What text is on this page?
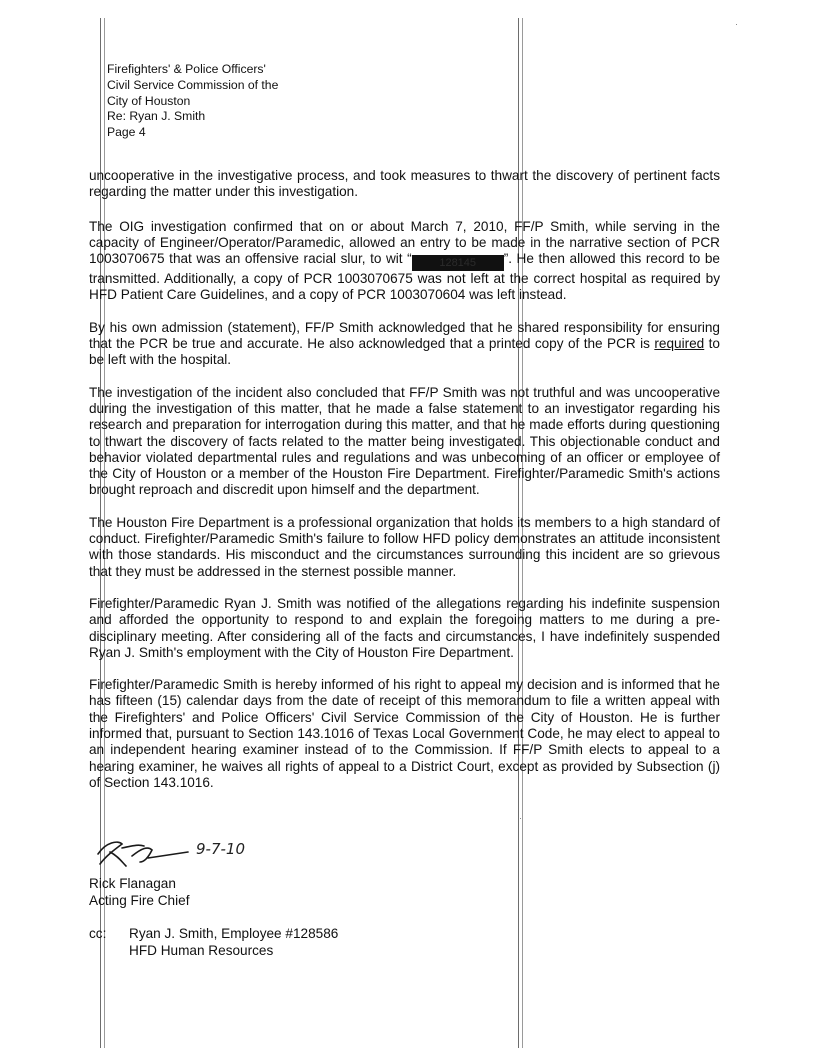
Firefighters' & Police Officers'
Civil Service Commission of the
City of Houston
Re: Ryan J. Smith
Page 4

uncooperative in the investigative process, and took measures to thwart the discovery of pertinent facts regarding the matter under this investigation.

The OIG investigation confirmed that on or about March 7, 2010, FF/P Smith, while serving in the capacity of Engineer/Operator/Paramedic, allowed an entry to be made in the narrative section of PCR 1003070675 that was an offensive racial slur, to wit “	128145 ”. He then allowed this record to be transmitted. Additionally, a copy of PCR 1003070675 was not left at the correct hospital as required by HFD Patient Care Guidelines, and a copy of PCR 1003070604 was left instead.

By his own admission (statement), FF/P Smith acknowledged that he shared responsibility for ensuring that the PCR be true and accurate. He also acknowledged that a printed copy of the PCR is required to be left with the hospital.

The investigation of the incident also concluded that FF/P Smith was not truthful and was uncooperative during the investigation of this matter, that he made a false statement to an investigator regarding his research and preparation for interrogation during this matter, and that he made efforts during questioning to thwart the discovery of facts related to the matter being investigated. This objectionable conduct and behavior violated departmental rules and regulations and was unbecoming of an officer or employee of the City of Houston or a member of the Houston Fire Department. Firefighter/Paramedic Smith's actions brought reproach and discredit upon himself and the department.

The Houston Fire Department is a professional organization that holds its members to a high standard of conduct. Firefighter/Paramedic Smith's failure to follow HFD policy demonstrates an attitude inconsistent with those standards. His misconduct and the circumstances surrounding this incident are so grievous that they must be addressed in the sternest possible manner.

Firefighter/Paramedic Ryan J. Smith was notified of the allegations regarding his indefinite suspension and afforded the opportunity to respond to and explain the foregoing matters to me during a pre-disciplinary meeting. After considering all of the facts and circumstances, I have indefinitely suspended Ryan J. Smith's employment with the City of Houston Fire Department.

Firefighter/Paramedic Smith is hereby informed of his right to appeal my decision and is informed that he has fifteen (15) calendar days from the date of receipt of this memorandum to file a written appeal with the Firefighters' and Police Officers' Civil Service Commission of the City of Houston. He is further informed that, pursuant to Section 143.1016 of Texas Local Government Code, he may elect to appeal to an independent hearing examiner instead of to the Commission. If FF/P Smith elects to appeal to a hearing examiner, he waives all rights of appeal to a District Court, except as provided by Subsection (j) of Section 143.1016.

9-7-10
Rick Flanagan
Acting Fire Chief
cc: Ryan J. Smith, Employee #128586
HFD Human Resources
